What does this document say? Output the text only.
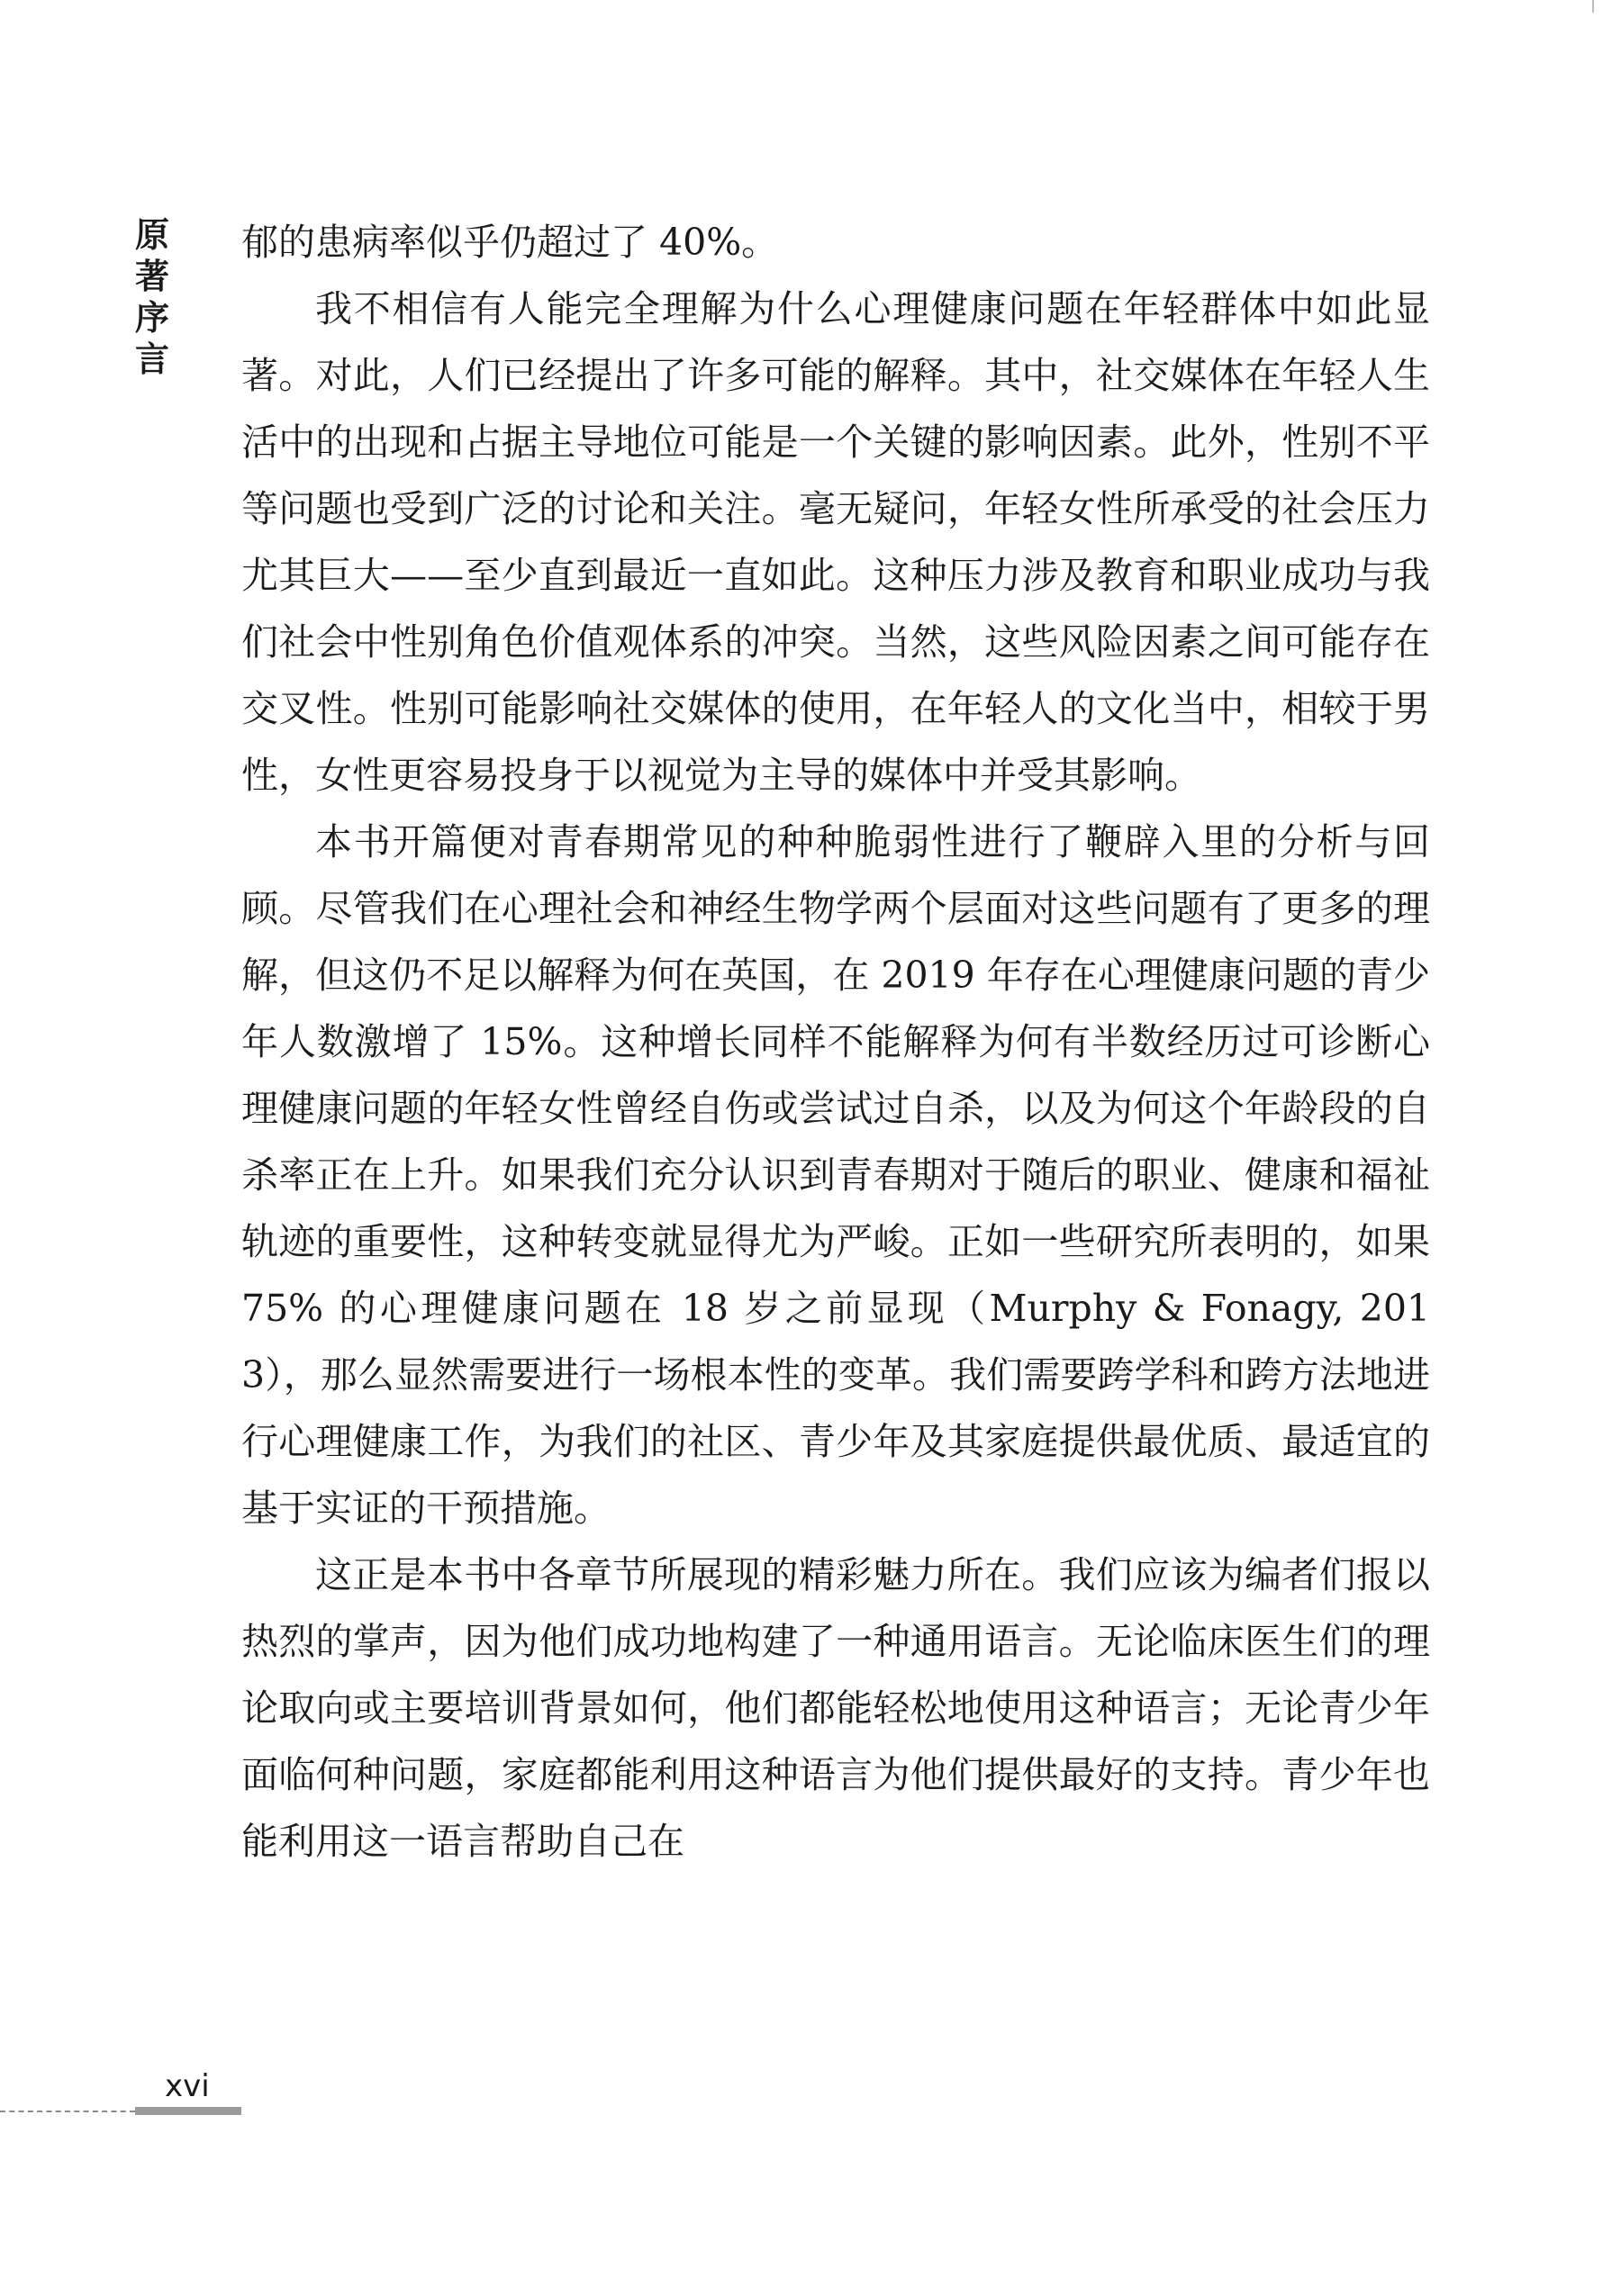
原著序言

郁的患病率似乎仍超过了 40%。

我不相信有人能完全理解为什么心理健康问题在年轻群体中如此显著。对此，人们已经提出了许多可能的解释。其中，社交媒体在年轻人生活中的出现和占据主导地位可能是一个关键的影响因素。此外，性别不平等问题也受到广泛的讨论和关注。毫无疑问，年轻女性所承受的社会压力尤其巨大——至少直到最近一直如此。这种压力涉及教育和职业成功与我们社会中性别角色价值观体系的冲突。当然，这些风险因素之间可能存在交叉性。性别可能影响社交媒体的使用，在年轻人的文化当中，相较于男性，女性更容易投身于以视觉为主导的媒体中并受其影响。

本书开篇便对青春期常见的种种脆弱性进行了鞭辟入里的分析与回顾。尽管我们在心理社会和神经生物学两个层面对这些问题有了更多的理解，但这仍不足以解释为何在英国，在 2019 年存在心理健康问题的青少年人数激增了 15%。这种增长同样不能解释为何有半数经历过可诊断心理健康问题的年轻女性曾经自伤或尝试过自杀，以及为何这个年龄段的自杀率正在上升。如果我们充分认识到青春期对于随后的职业、健康和福祉轨迹的重要性，这种转变就显得尤为严峻。正如一些研究所表明的，如果 75% 的心理健康问题在 18 岁之前显现（Murphy & Fonagy, 2013），那么显然需要进行一场根本性的变革。我们需要跨学科和跨方法地进行心理健康工作，为我们的社区、青少年及其家庭提供最优质、最适宜的基于实证的干预措施。

这正是本书中各章节所展现的精彩魅力所在。我们应该为编者们报以热烈的掌声，因为他们成功地构建了一种通用语言。无论临床医生们的理论取向或主要培训背景如何，他们都能轻松地使用这种语言；无论青少年面临何种问题，家庭都能利用这种语言为他们提供最好的支持。青少年也能利用这一语言帮助自己在

xvi
